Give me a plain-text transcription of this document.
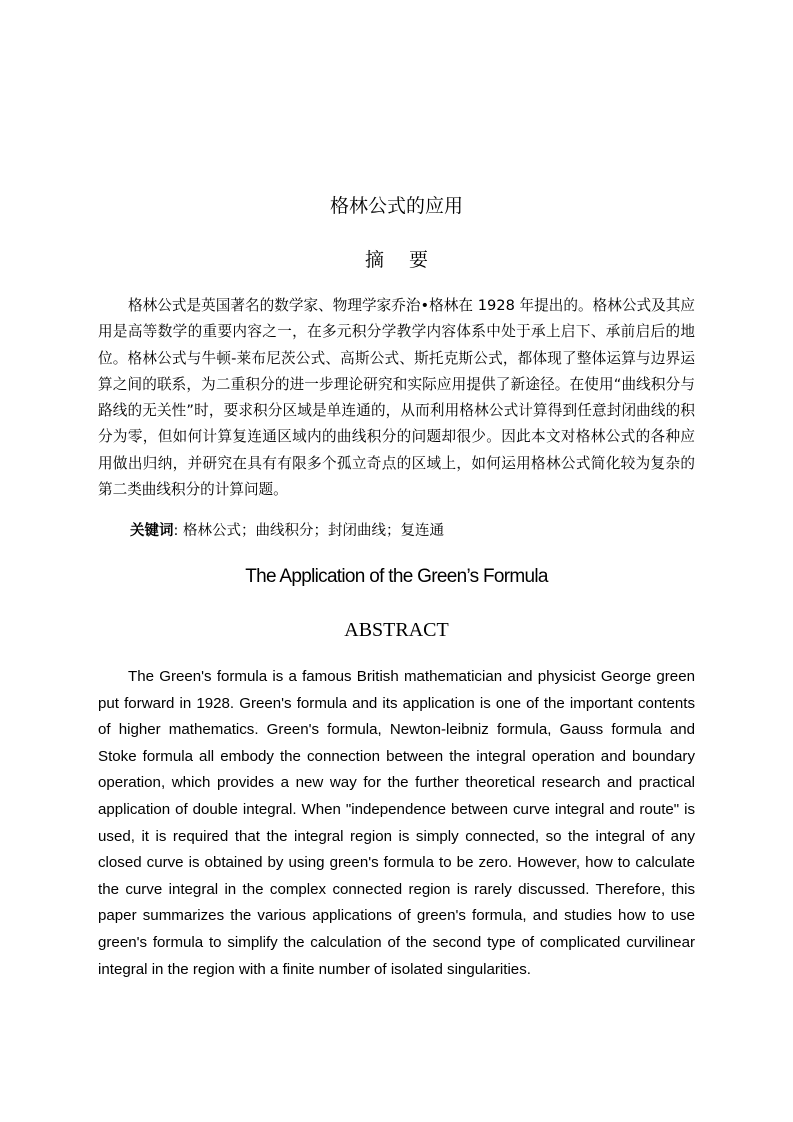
格林公式的应用
摘要

格林公式是英国著名的数学家、物理学家乔治•格林在 1928 年提出的。格林公式及其应用是高等数学的重要内容之一，在多元积分学教学内容体系中处于承上启下、承前启后的地位。格林公式与牛顿-莱布尼茨公式、高斯公式、斯托克斯公式，都体现了整体运算与边界运算之间的联系，为二重积分的进一步理论研究和实际应用提供了新途径。在使用“曲线积分与路线的无关性”时，要求积分区域是单连通的，从而利用格林公式计算得到任意封闭曲线的积分为零，但如何计算复连通区域内的曲线积分的问题却很少。因此本文对格林公式的各种应用做出归纳，并研究在具有有限多个孤立奇点的区域上，如何运用格林公式简化较为复杂的第二类曲线积分的计算问题。

关键词: 格林公式；曲线积分；封闭曲线；复连通
The Application of the Green’s Formula
ABSTRACT

The Green's formula is a famous British mathematician and physicist George green put forward in 1928. Green's formula and its application is one of the important contents of higher mathematics. Green's formula, Newton-leibniz formula, Gauss formula and Stoke formula all embody the connection between the integral operation and boundary operation, which provides a new way for the further theoretical research and practical application of double integral. When "independence between curve integral and route" is used, it is required that the integral region is simply connected, so the integral of any closed curve is obtained by using green's formula to be zero. However, how to calculate the curve integral in the complex connected region is rarely discussed. Therefore, this paper summarizes the various applications of green's formula, and studies how to use green's formula to simplify the calculation of the second type of complicated curvilinear integral in the region with a finite number of isolated singularities.
